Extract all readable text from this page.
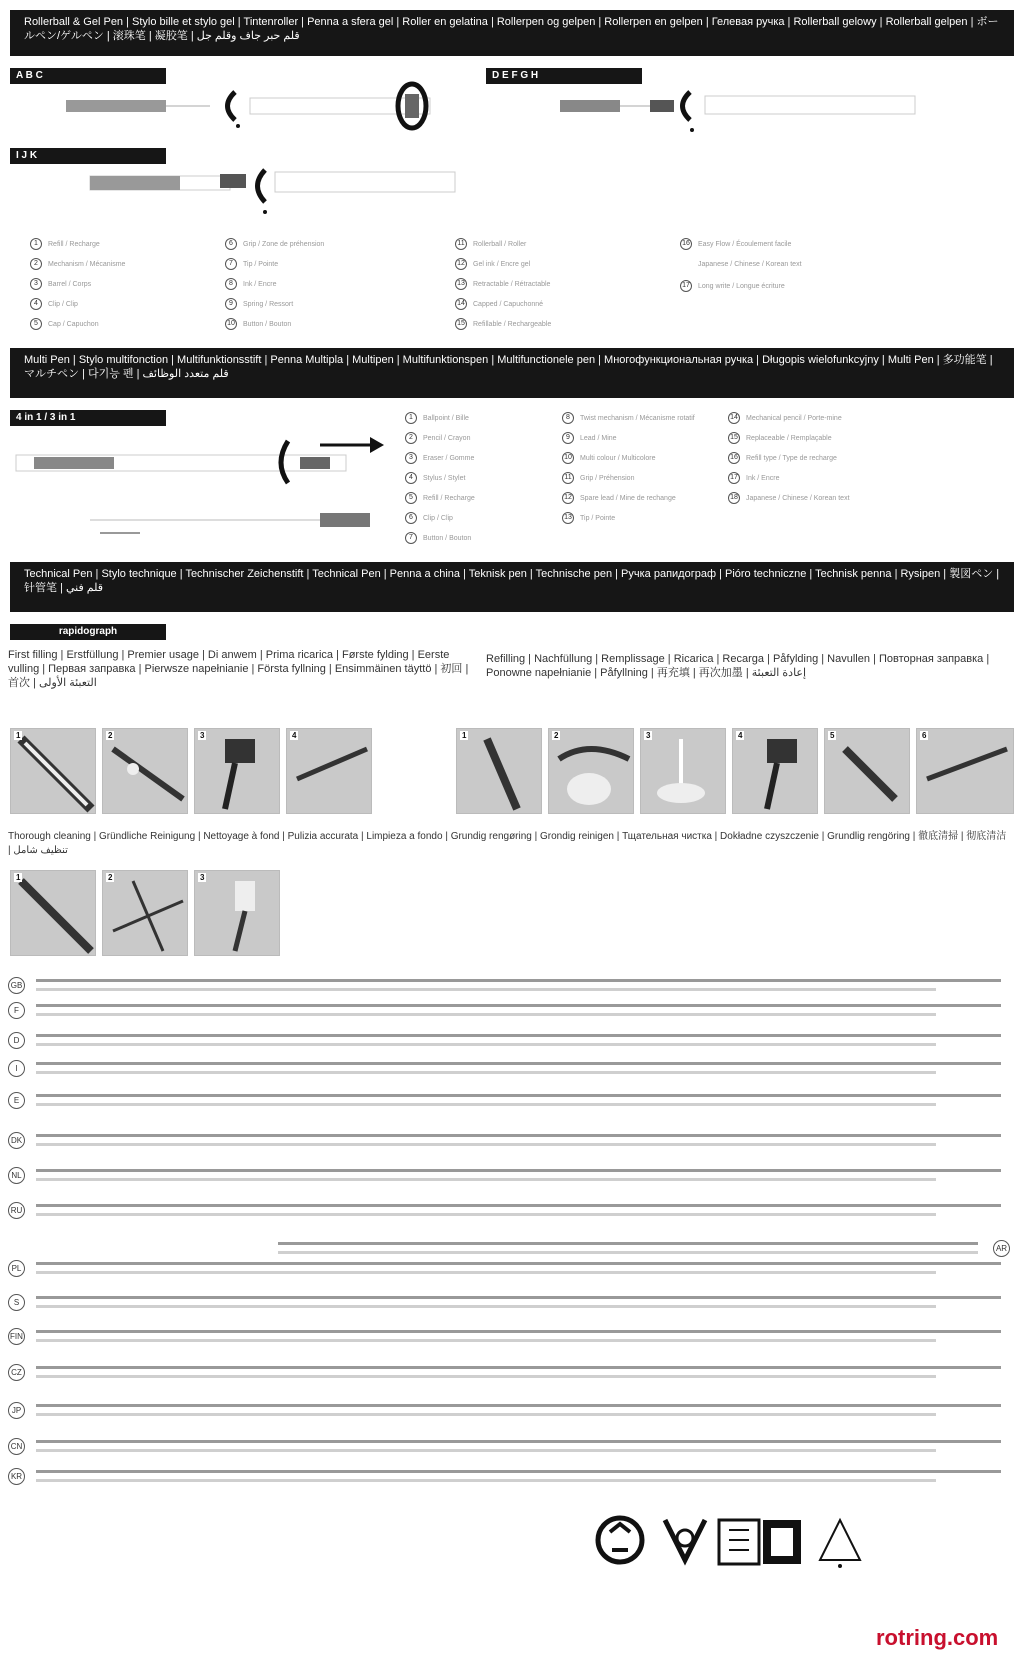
Rollerball & Gel Pen | Stylo bille et stylo gel | Tintenroller | Penna a sfera gel | Roller en gelatina | Rollerpen og gelpen | Rollerpen en gelpen | Гелевая ручка | Rollerball gelowy | Rollerball gelpen | ボールペン/ゲルペン | 滚珠笔 | 凝胶笔 | قلم حبر جاف وقلم جل
A B C	D E F G H
I J K
1	Refill / Recharge
2	Mechanism / Mécanisme
3	Barrel / Corps
4	Clip / Clip
5	Cap / Capuchon
6	Grip / Zone de préhension
7	Tip / Pointe
8	Ink / Encre
9	Spring / Ressort
10	Button / Bouton
11	Rollerball / Roller
12	Gel ink / Encre gel
13	Retractable / Rétractable
14	Capped / Capuchonné
15	Refillable / Rechargeable
16	Easy Flow / Écoulement facile
Japanese / Chinese / Korean text
17	Long write / Longue écriture
Multi Pen | Stylo multifonction | Multifunktionsstift | Penna Multipla | Multipen | Multifunktionspen | Multifunctionele pen | Многофункциональная ручка | Długopis wielofunkcyjny | Multi Pen | 多功能笔 | マルチペン | 다기능 펜 | قلم متعدد الوظائف
4 in 1 / 3 in 1	1	Ballpoint / Bille
2	Pencil / Crayon
3	Eraser / Gomme
4	Stylus / Stylet
5	Refill / Recharge
6	Clip / Clip
7	Button / Bouton
8	Twist mechanism / Mécanisme rotatif
9	Lead / Mine
10	Multi colour / Multicolore
11	Grip / Préhension
12	Spare lead / Mine de rechange
13	Tip / Pointe
14	Mechanical pencil / Porte-mine
15	Replaceable / Remplaçable
16	Refill type / Type de recharge
17	Ink / Encre
18	Japanese / Chinese / Korean text
Technical Pen | Stylo technique | Technischer Zeichenstift | Technical Pen | Penna a china | Teknisk pen | Technische pen | Ручка рапидограф | Pióro techniczne | Technisk penna | Rysipen | 製図ペン | 针管笔 | قلم فني
rapidograph
First filling | Erstfüllung | Premier usage | Di anwem | Prima ricarica | Første fylding | Eerste vulling | Первая заправка | Pierwsze napełnianie | Första fyllning | Ensimmäinen täyttö | 初回 | 首次 | التعبئة الأولى
Refilling | Nachfüllung | Remplissage | Ricarica | Recarga | Påfylding | Navullen | Повторная заправка | Ponowne napełnianie | Påfyllning | 再充填 | 再次加墨 | إعادة التعبئة
1	2	3	4	1	2	3	4	5	6
Thorough cleaning | Gründliche Reinigung | Nettoyage à fond | Pulizia accurata | Limpieza a fondo | Grundig rengøring | Grondig reinigen | Тщательная чистка | Dokładne czyszczenie | Grundlig rengöring | 徹底清掃 | 彻底清洁 | تنظيف شامل
1	2	3
GB
F
D
I
E
DK
NL
RU
AR
PL
S
FIN
CZ
JP
CN
KR
rotring.com
